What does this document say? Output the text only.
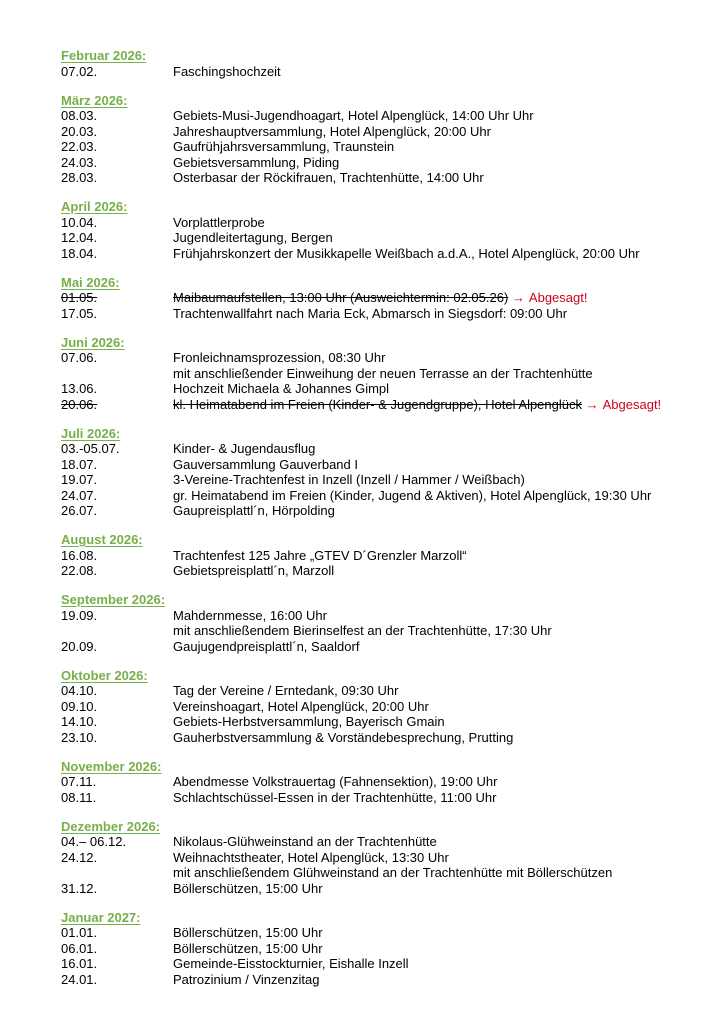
Februar 2026:
07.02.	Faschingshochzeit
März 2026:
08.03.	Gebiets-Musi-Jugendhoagart, Hotel Alpenglück, 14:00 Uhr Uhr
20.03.	Jahreshauptversammlung, Hotel Alpenglück, 20:00 Uhr
22.03.	Gaufrühjahrsversammlung, Traunstein
24.03.	Gebietsversammlung, Piding
28.03.	Osterbasar der Röckifrauen, Trachtenhütte, 14:00 Uhr
April 2026:
10.04.	Vorplattlerprobe
12.04.	Jugendleitertagung, Bergen
18.04.	Frühjahrskonzert der Musikkapelle Weißbach a.d.A., Hotel Alpenglück, 20:00 Uhr
Mai 2026:
01.05.	Maibaumaufstellen, 13:00 Uhr (Ausweichtermin: 02.05.26) → Abgesagt!
17.05.	Trachtenwallfahrt nach Maria Eck, Abmarsch in Siegsdorf: 09:00 Uhr
Juni 2026:
07.06.	Fronleichnamsprozession, 08:30 Uhr
mit anschließender Einweihung der neuen Terrasse an der Trachtenhütte
13.06.	Hochzeit Michaela & Johannes Gimpl
20.06.	kl. Heimatabend im Freien (Kinder- & Jugendgruppe), Hotel Alpenglück → Abgesagt!
Juli 2026:
03.-05.07.	Kinder- & Jugendausflug
18.07.	Gauversammlung Gauverband I
19.07.	3-Vereine-Trachtenfest in Inzell (Inzell / Hammer / Weißbach)
24.07.	gr. Heimatabend im Freien (Kinder, Jugend & Aktiven), Hotel Alpenglück, 19:30 Uhr
26.07.	Gaupreisplattl´n, Hörpolding
August 2026:
16.08.	Trachtenfest 125 Jahre „GTEV D´Grenzler Marzoll“
22.08.	Gebietspreisplattl´n, Marzoll
September 2026:
19.09.	Mahdernmesse, 16:00 Uhr
mit anschließendem Bierinselfest an der Trachtenhütte, 17:30 Uhr
20.09.	Gaujugendpreisplattl´n, Saaldorf
Oktober 2026:
04.10.	Tag der Vereine / Erntedank, 09:30 Uhr
09.10.	Vereinshoagart, Hotel Alpenglück, 20:00 Uhr
14.10.	Gebiets-Herbstversammlung, Bayerisch Gmain
23.10.	Gauherbstversammlung & Vorständebesprechung, Prutting
November 2026:
07.11.	Abendmesse Volkstrauertag (Fahnensektion), 19:00 Uhr
08.11.	Schlachtschüssel-Essen in der Trachtenhütte, 11:00 Uhr
Dezember 2026:
04.– 06.12.	Nikolaus-Glühweinstand an der Trachtenhütte
24.12.	Weihnachtstheater, Hotel Alpenglück, 13:30 Uhr
mit anschließendem Glühweinstand an der Trachtenhütte mit Böllerschützen
31.12.	Böllerschützen, 15:00 Uhr
Januar 2027:
01.01.	Böllerschützen, 15:00 Uhr
06.01.	Böllerschützen, 15:00 Uhr
16.01.	Gemeinde-Eisstockturnier, Eishalle Inzell
24.01.	Patrozinium / Vinzenzitag
